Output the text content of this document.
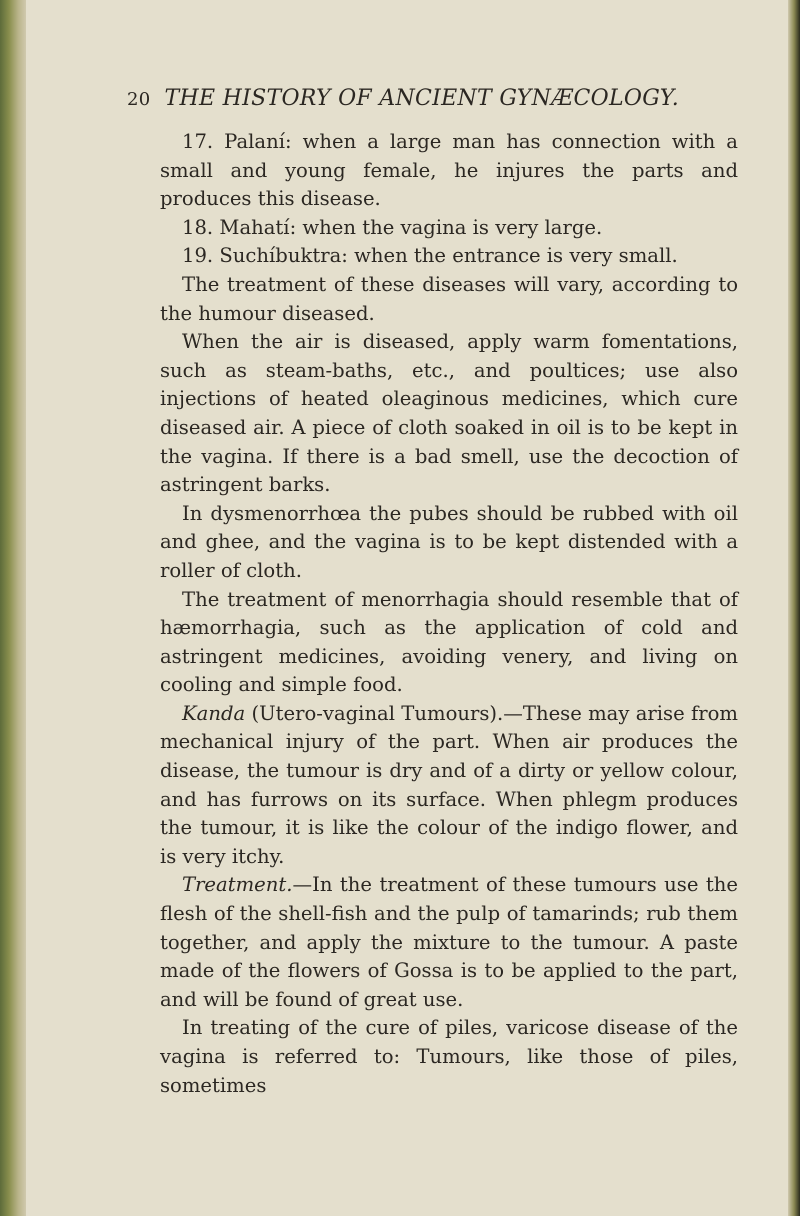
20 THE HISTORY OF ANCIENT GYNÆCOLOGY.

17. Palaní: when a large man has connection with a small and young female, he injures the parts and produces this disease.

18. Mahatí: when the vagina is very large.

19. Suchíbuktra: when the entrance is very small.

The treatment of these diseases will vary, according to the humour diseased.

When the air is diseased, apply warm fomentations, such as steam-baths, etc., and poultices; use also injections of heated oleaginous medicines, which cure diseased air. A piece of cloth soaked in oil is to be kept in the vagina. If there is a bad smell, use the decoction of astringent barks.

In dysmenorrhœa the pubes should be rubbed with oil and ghee, and the vagina is to be kept distended with a roller of cloth.

The treatment of menorrhagia should resemble that of hæmorrhagia, such as the application of cold and astringent medicines, avoiding venery, and living on cooling and simple food.

Kanda (Utero-vaginal Tumours).—These may arise from mechanical injury of the part. When air produces the disease, the tumour is dry and of a dirty or yellow colour, and has furrows on its surface. When phlegm produces the tumour, it is like the colour of the indigo flower, and is very itchy.

Treatment.—In the treatment of these tumours use the flesh of the shell-fish and the pulp of tamarinds; rub them together, and apply the mixture to the tumour. A paste made of the flowers of Gossa is to be applied to the part, and will be found of great use.

In treating of the cure of piles, varicose disease of the vagina is referred to: Tumours, like those of piles, sometimes
